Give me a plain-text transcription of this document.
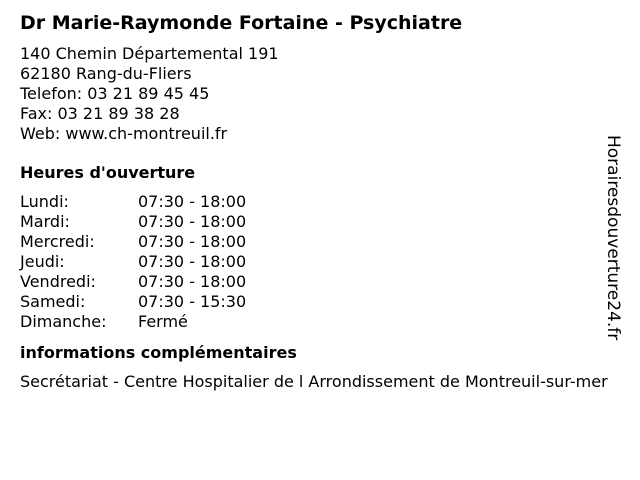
Dr Marie-Raymonde Fortaine - Psychiatre
140 Chemin Départemental 191
62180 Rang-du-Fliers
Telefon: 03 21 89 45 45
Fax: 03 21 89 38 28
Web: www.ch-montreuil.fr
Heures d'ouverture
Lundi:	07:30 - 18:00
Mardi:	07:30 - 18:00
Mercredi:	07:30 - 18:00
Jeudi:	07:30 - 18:00
Vendredi:	07:30 - 18:00
Samedi:	07:30 - 15:30
Dimanche:	Fermé
informations complémentaires
Secrétariat - Centre Hospitalier de l Arrondissement de Montreuil-sur-mer
Horairesdouverture24.fr
